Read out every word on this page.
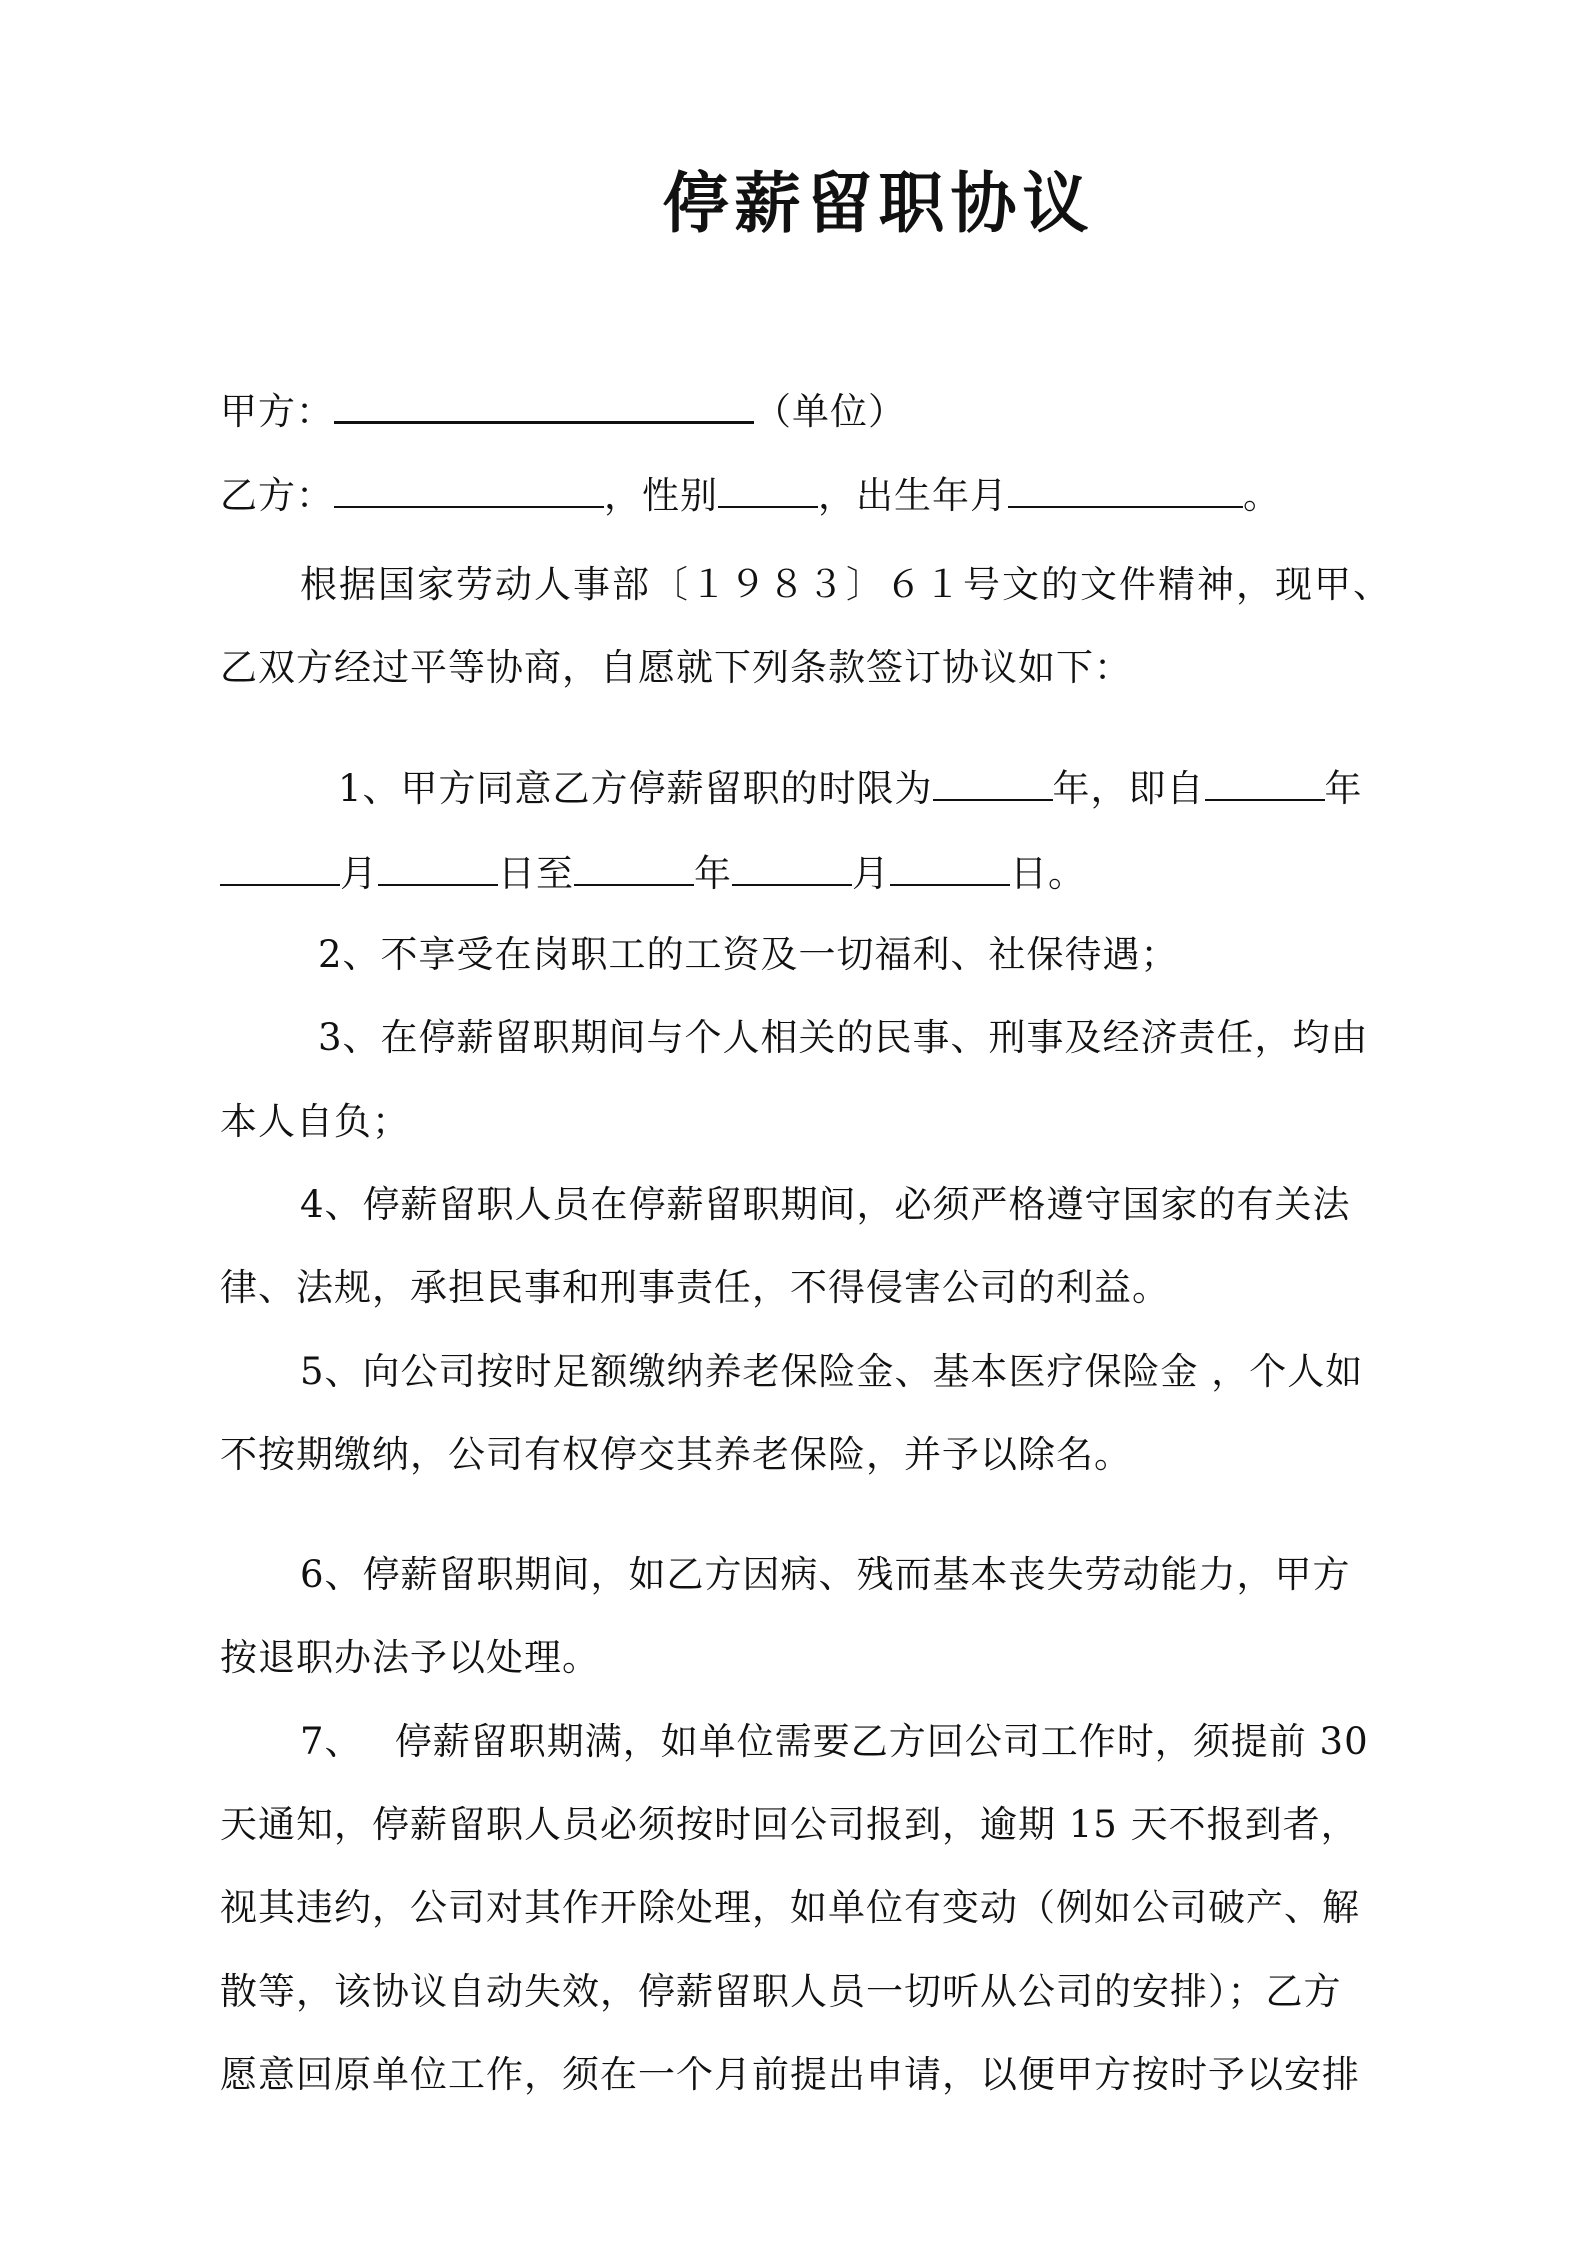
停薪留职协议
甲方：	（单位）
乙方：	，性别	，出生年月	。
根据国家劳动人事部〔１９８３〕６１号文的文件精神，现甲、
乙双方经过平等协商，自愿就下列条款签订协议如下：
1、甲方同意乙方停薪留职的时限为	年，即自	年
月	日至	年	月	日。
2、不享受在岗职工的工资及一切福利、社保待遇；
3、在停薪留职期间与个人相关的民事、刑事及经济责任，均由
本人自负；
4、停薪留职人员在停薪留职期间，必须严格遵守国家的有关法
律、法规，承担民事和刑事责任，不得侵害公司的利益。
5、向公司按时足额缴纳养老保险金、基本医疗保险金 ，个人如
不按期缴纳，公司有权停交其养老保险，并予以除名。
6、停薪留职期间，如乙方因病、残而基本丧失劳动能力，甲方
按退职办法予以处理。
7、　 停薪留职期满，如单位需要乙方回公司工作时，须提前 30
天通知，停薪留职人员必须按时回公司报到，逾期 15 天不报到者，
视其违约，公司对其作开除处理，如单位有变动（例如公司破产、解
散等，该协议自动失效，停薪留职人员一切听从公司的安排）；乙方
愿意回原单位工作，须在一个月前提出申请，以便甲方按时予以安排
